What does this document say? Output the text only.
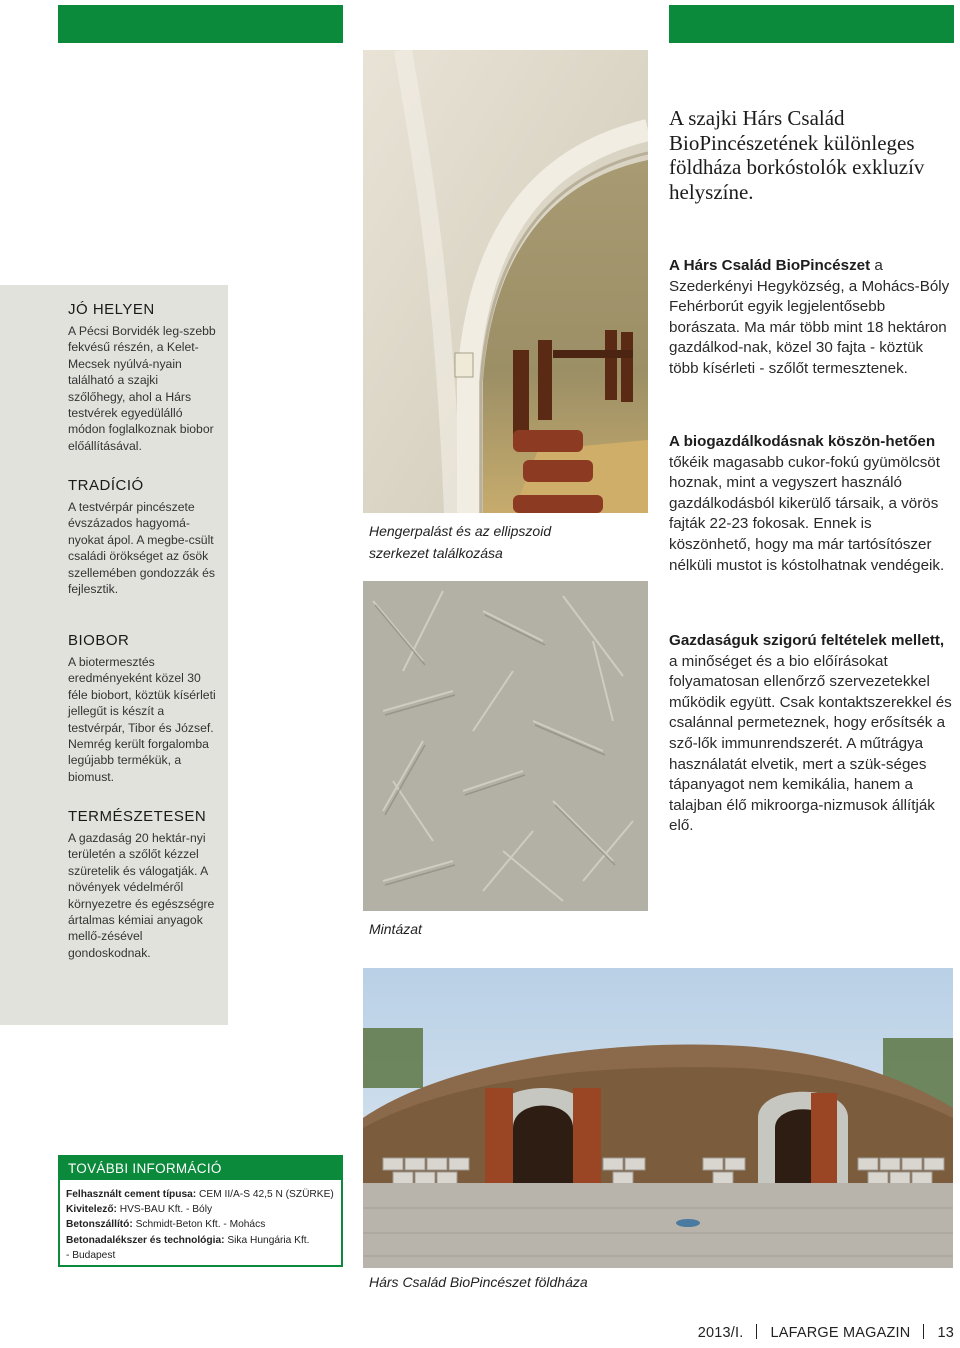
JÓ HELYEN

A Pécsi Borvidék leg-szebb fekvésű részén, a Kelet-Mecsek nyúlvá-nyain található a szajki szőlőhegy, ahol a Hárs testvérek egyedülálló módon foglalkoznak biobor előállításával.

TRADÍCIÓ

A testvérpár pincészete évszázados hagyomá-nyokat ápol. A megbe-csült családi örökséget az ősök szellemében gondozzák és fejlesztik.

BIOBOR

A biotermesztés eredményeként közel 30 féle biobort, köztük kísérleti jellegűt is készít a testvérpár, Tibor és József. Nemrég került forgalomba legújabb termékük, a biomust.

TERMÉSZETESEN

A gazdaság 20 hektár-nyi területén a szőlőt kézzel szüretelik és válogatják. A növények védelméről környezetre és egészségre ártalmas kémiai anyagok mellő-zésével gondoskodnak.

Hengerpalást és az ellipszoid szerkezet találkozása
Mintázat
Hárs Család BioPincészet földháza
A szajki Hárs Család BioPincészetének különleges földháza borkóstolók exkluzív helyszíne.
A Hárs Család BioPincészet a Szederkényi Hegyközség, a Mohács-Bóly Fehérborút egyik legjelentősebb borászata. Ma már több mint 18 hektáron gazdálkod-nak, közel 30 fajta - köztük több kísérleti - szőlőt termesztenek.
A biogazdálkodásnak köszön-hetően tőkéik magasabb cukor-fokú gyümölcsöt hoznak, mint a vegyszert használó gazdálkodásból kikerülő társaik, a vörös fajták 22-23 fokosak. Ennek is köszönhető, hogy ma már tartósítószer nélküli mustot is kóstolhatnak vendégeik.
Gazdaságuk szigorú feltételek mellett, a minőséget és a bio előírásokat folyamatosan ellenőrző szervezetekkel működik együtt. Csak kontaktszerekkel és csalánnal permeteznek, hogy erősítsék a sző-lők immunrendszerét. A műtrágya használatát elvetik, mert a szük-séges tápanyagot nem kemikália, hanem a talajban élő mikroorga-nizmusok állítják elő.
TOVÁBBI INFORMÁCIÓ
Felhasznált cement típusa: CEM II/A-S 42,5 N (SZÜRKE)
Kivitelező: HVS-BAU Kft. - Bóly
Betonszállító: Schmidt-Beton Kft. - Mohács
Betonadalékszer és technológia: Sika Hungária Kft.
- Budapest
2013/I. LAFARGE MAGAZIN 13
